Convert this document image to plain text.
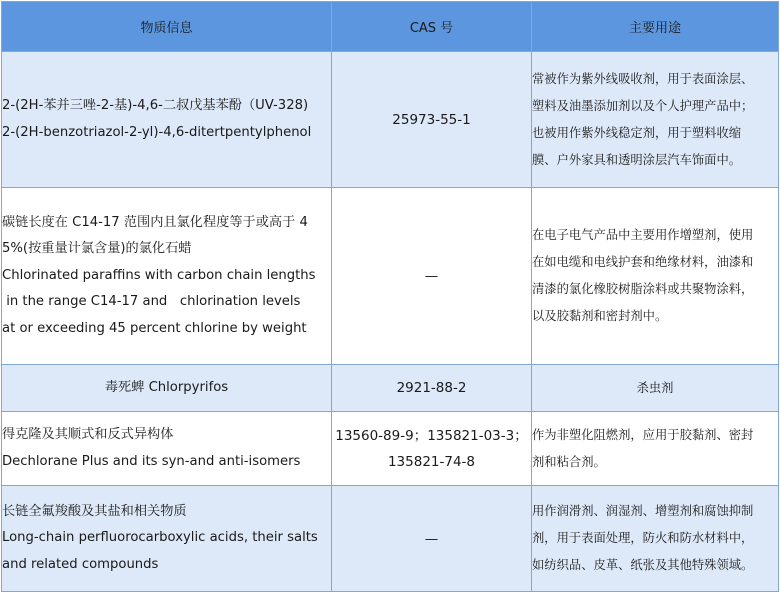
物质信息	CAS 号	主要用途

2-(2H-苯并三唑-2-基)-4,6-二叔戊基苯酚（UV-328)
2-(2H-benzotriazol-2-yl)-4,6-ditertpentylphenol	25973-55-1	常被作为紫外线吸收剂，用于表面涂层、
塑料及油墨添加剂以及个人护理产品中；
也被用作紫外线稳定剂，用于塑料收缩
膜、户外家具和透明涂层汽车饰面中。

碳链长度在 C14-17 范围内且氯化程度等于或高于 4
5%(按重量计氯含量)的氯化石蜡
Chlorinated paraffins with carbon chain lengths
in the range C14-17 and   chlorination levels
at or exceeding 45 percent chlorine by weight	—	在电子电气产品中主要用作增塑剂，使用
在如电缆和电线护套和绝缘材料，油漆和
清漆的氯化橡胶树脂涂料或共聚物涂料，
以及胶黏剂和密封剂中。

毒死蜱 Chlorpyrifos	2921-88-2	杀虫剂

得克隆及其顺式和反式异构体
Dechlorane Plus and its syn-and anti-isomers	13560-89-9；135821-03-3；
135821-74-8	作为非塑化阻燃剂，应用于胶黏剂、密封
剂和粘合剂。

长链全氟羧酸及其盐和相关物质
Long-chain perfluorocarboxylic acids, their salts
and related compounds	—	用作润滑剂、润湿剂、增塑剂和腐蚀抑制
剂，用于表面处理，防火和防水材料中，
如纺织品、皮革、纸张及其他特殊领域。
